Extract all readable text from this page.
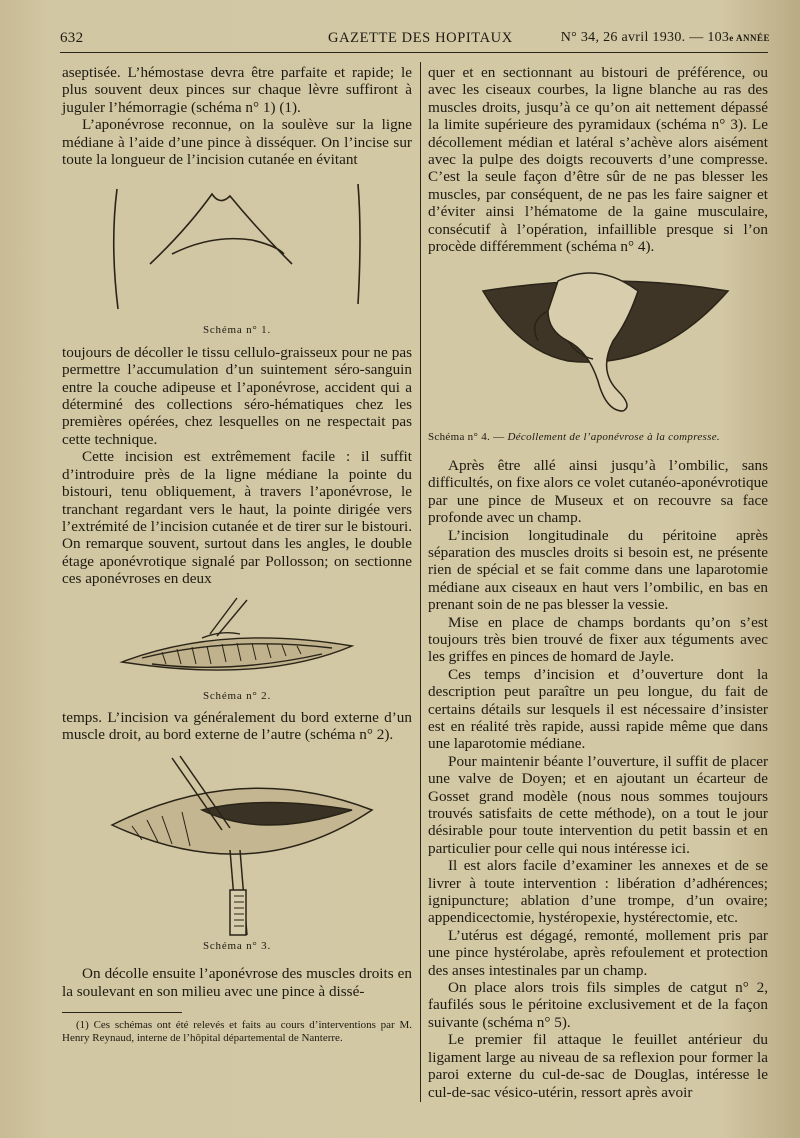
632	GAZETTE DES HOPITAUX	N° 34, 26 avril 1930. — 103e ANNÉE

aseptisée. L’hémostase devra être parfaite et rapide; le plus souvent deux pinces sur chaque lèvre suffiront à juguler l’hémorragie (schéma n° 1) (1).

L’aponévrose reconnue, on la soulève sur la ligne médiane à l’aide d’une pince à disséquer. On l’incise sur toute la longueur de l’incision cutanée en évitant

Schéma n° 1.

toujours de décoller le tissu cellulo-graisseux pour ne pas permettre l’accumulation d’un suintement séro-sanguin entre la couche adipeuse et l’aponévrose, accident qui a déterminé des collections séro-hématiques chez les premières opérées, chez lesquelles on ne respectait pas cette technique.

Cette incision est extrêmement facile : il suffit d’introduire près de la ligne médiane la pointe du bistouri, tenu obliquement, à travers l’aponévrose, le tranchant regardant vers le haut, la pointe dirigée vers l’extrémité de l’incision cutanée et de tirer sur le bistouri. On remarque souvent, surtout dans les angles, le double étage aponévrotique signalé par Pollosson; on sectionne ces aponévroses en deux

Schéma n° 2.

temps. L’incision va généralement du bord externe d’un muscle droit, au bord externe de l’autre (schéma n° 2).

Schéma n° 3.

On décolle ensuite l’aponévrose des muscles droits en la soulevant en son milieu avec une pince à dissé-

(1) Ces schémas ont été relevés et faits au cours d’interventions par M. Henry Reynaud, interne de l’hôpital départemental de Nanterre.

quer et en sectionnant au bistouri de préférence, ou avec les ciseaux courbes, la ligne blanche au ras des muscles droits, jusqu’à ce qu’on ait nettement dépassé la limite supérieure des pyramidaux (schéma n° 3). Le décollement médian et latéral s’achève alors aisément avec la pulpe des doigts recouverts d’une compresse. C’est la seule façon d’être sûr de ne pas blesser les muscles, par conséquent, de ne pas les faire saigner et d’éviter ainsi l’hématome de la gaine musculaire, consécutif à l’opération, infaillible presque si l’on procède différemment (schéma n° 4).

Schéma n° 4. — Décollement de l’aponévrose à la compresse.

Après être allé ainsi jusqu’à l’ombilic, sans difficultés, on fixe alors ce volet cutanéo-aponévrotique par une pince de Museux et on recouvre sa face profonde avec un champ.

L’incision longitudinale du péritoine après séparation des muscles droits si besoin est, ne présente rien de spécial et se fait comme dans une laparotomie médiane aux ciseaux en haut vers l’ombilic, en bas en prenant soin de ne pas blesser la vessie.

Mise en place de champs bordants qu’on s’est toujours très bien trouvé de fixer aux téguments avec les griffes en pinces de homard de Jayle.

Ces temps d’incision et d’ouverture dont la description peut paraître un peu longue, du fait de certains détails sur lesquels il est nécessaire d’insister est en réalité très rapide, aussi rapide même que dans une laparotomie médiane.

Pour maintenir béante l’ouverture, il suffit de placer une valve de Doyen; et en ajoutant un écarteur de Gosset grand modèle (nous nous sommes toujours trouvés satisfaits de cette méthode), on a tout le jour désirable pour toute intervention du petit bassin et en particulier pour celle qui nous intéresse ici.

Il est alors facile d’examiner les annexes et de se livrer à toute intervention : libération d’adhérences; ignipuncture; ablation d’une trompe, d’un ovaire; appendicectomie, hystéropexie, hystérectomie, etc.

L’utérus est dégagé, remonté, mollement pris par une pince hystérolabe, après refoulement et protection des anses intestinales par un champ.

On place alors trois fils simples de catgut n° 2, faufilés sous le péritoine exclusivement et de la façon suivante (schéma n° 5).

Le premier fil attaque le feuillet antérieur du ligament large au niveau de sa reflexion pour former la paroi externe du cul-de-sac de Douglas, intéresse le cul-de-sac vésico-utérin, ressort après avoir
